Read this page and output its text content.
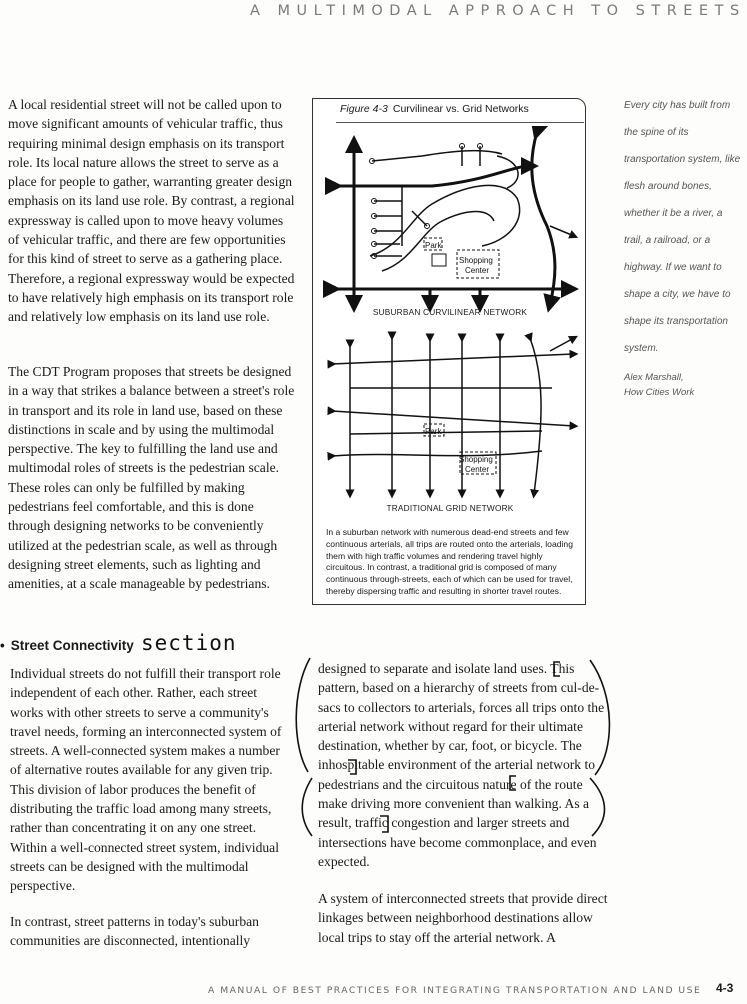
A MULTIMODAL APPROACH TO STREETS

A local residential street will not be called upon to move significant amounts of vehicular traffic, thus requiring minimal design emphasis on its transport role. Its local nature allows the street to serve as a place for people to gather, warranting greater design emphasis on its land use role. By contrast, a regional expressway is called upon to move heavy volumes of vehicular traffic, and there are few opportunities for this kind of street to serve as a gathering place. Therefore, a regional expressway would be expected to have relatively high emphasis on its transport role and relatively low emphasis on its land use role.

The CDT Program proposes that streets be designed in a way that strikes a balance between a street's role in transport and its role in land use, based on these distinctions in scale and by using the multimodal perspective. The key to fulfilling the land use and multimodal roles of streets is the pedestrian scale. These roles can only be fulfilled by making pedestrians feel comfortable, and this is done through designing networks to be conveniently utilized at the pedestrian scale, as well as through designing street elements, such as lighting and amenities, at a scale manageable by pedestrians.

• Street Connectivity section

Individual streets do not fulfill their transport role independent of each other. Rather, each street works with other streets to serve a community's travel needs, forming an interconnected system of streets. A well-connected system makes a number of alternative routes available for any given trip. This division of labor produces the benefit of distributing the traffic load among many streets, rather than concentrating it on any one street. Within a well-connected street system, individual streets can be designed with the multimodal perspective.

In contrast, street patterns in today's suburban communities are disconnected, intentionally

designed to separate and isolate land uses. This pattern, based on a hierarchy of streets from cul-de-sacs to collectors to arterials, forces all trips onto the arterial network without regard for their ultimate destination, whether by car, foot, or bicycle. The inhospitable environment of the arterial network to pedestrians and the circuitous nature of the route make driving more convenient than walking. As a result, traffic congestion and larger streets and intersections have become commonplace, and even expected.

A system of interconnected streets that provide direct linkages between neighborhood destinations allow local trips to stay off the arterial network. A

Figure 4-3 Curvilinear vs. Grid Networks
Park
Shopping
Center
Park
Shopping
Center
SUBURBAN CURVILINEAR NETWORK
TRADITIONAL GRID NETWORK
In a suburban network with numerous dead-end streets and few continuous arterials, all trips are routed onto the arterials, loading them with high traffic volumes and rendering travel highly circuitous. In contrast, a traditional grid is composed of many continuous through-streets, each of which can be used for travel, thereby dispersing traffic and resulting in shorter travel routes.
Every city has built from the spine of its transportation system, like flesh around bones, whether it be a river, a trail, a railroad, or a highway. If we want to shape a city, we have to shape its transportation system.
Alex Marshall,
How Cities Work
A MANUAL OF BEST PRACTICES FOR INTEGRATING TRANSPORTATION AND LAND USE 4-3
